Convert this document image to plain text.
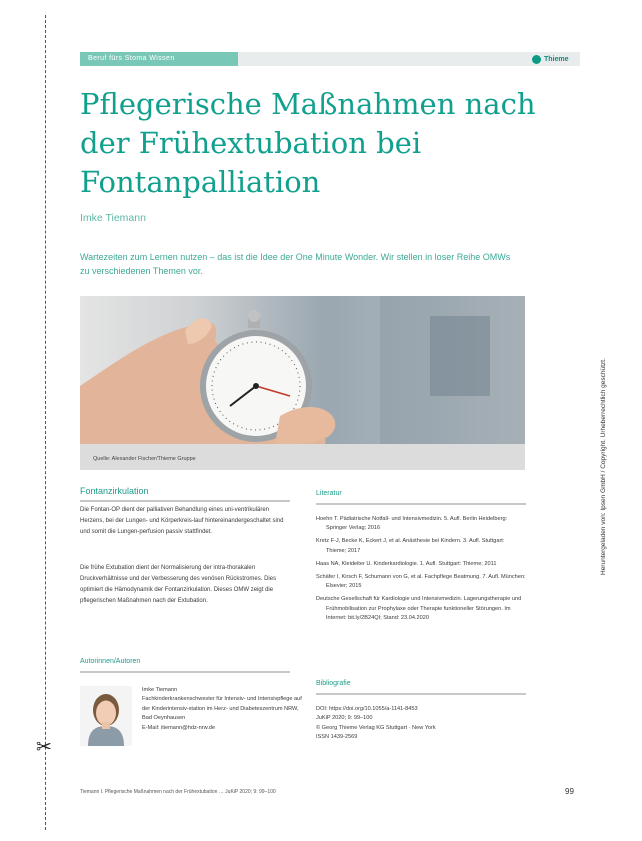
✂
Beruf fürs Stoma Wissen	Thieme
Pflegerische Maßnahmen nach der Frühextubation bei Fontanpalliation
Imke Tiemann
Wartezeiten zum Lernen nutzen – das ist die Idee der One Minute Wonder. Wir stellen in loser Reihe OMWs zu verschiedenen Themen vor.
Quelle: Alexander Fischer/Thieme Gruppe
Fontanzirkulation

Die Fontan-OP dient der palliativen Behandlung eines uni-ventrikulären Herzens, bei der Lungen- und Körperkreis-lauf hintereinandergeschaltet sind und somit die Lungen-perfusion passiv stattfindet.

Die frühe Extubation dient der Normalisierung der intra-thorakalen Druckverhältnisse und der Verbesserung des venösen Rückstromes. Dies optimiert die Hämodynamik der Fontanzirkulation. Dieses OMW zeigt die pflegerischen Maßnahmen nach der Extubation.

Autorinnen/Autoren
Imke Tiemann
Fachkinderkrankenschwester für Intensiv- und Intensivpflege auf der Kinderintensiv-station im Herz- und Diabeteszentrum NRW, Bad Oeynhausen
E-Mail: itiemann@hdz-nrw.de
Literatur
Hoehn T. Pädiatrische Notfall- und Intensivmedizin. 5. Aufl. Berlin Heidelberg: Springer Verlag; 2016
Kretz F-J, Becke K, Eckert J, et al. Anästhesie bei Kindern. 3. Aufl. Stuttgart: Thieme; 2017
Haas NA, Kleideiter U. Kinderkardiologie. 1. Aufl. Stuttgart: Thieme; 2011
Schäfer I, Kirsch F, Schumann von G, et al. Fachpflege Beatmung. 7. Aufl. München: Elsevier; 2015
Deutsche Gesellschaft für Kardiologie und Intensivmedizin. Lagerungstherapie und Frühmobilisation zur Prophylaxe oder Therapie funktioneller Störungen. Im Internet: bit.ly/2B24QI; Stand: 23.04.2020
Bibliografie
DOI: https://doi.org/10.1055/a-1141-8453
JuKiP 2020; 9: 99–100
© Georg Thieme Verlag KG Stuttgart · New York
ISSN 1439-2569
Tiemann I. Pflegerische Maßnahmen nach der Frühextubation … JuKiP 2020; 9: 99–100	99
Heruntergeladen von: Ipsen GmbH / Copyright. Urheberrechtlich geschützt.
